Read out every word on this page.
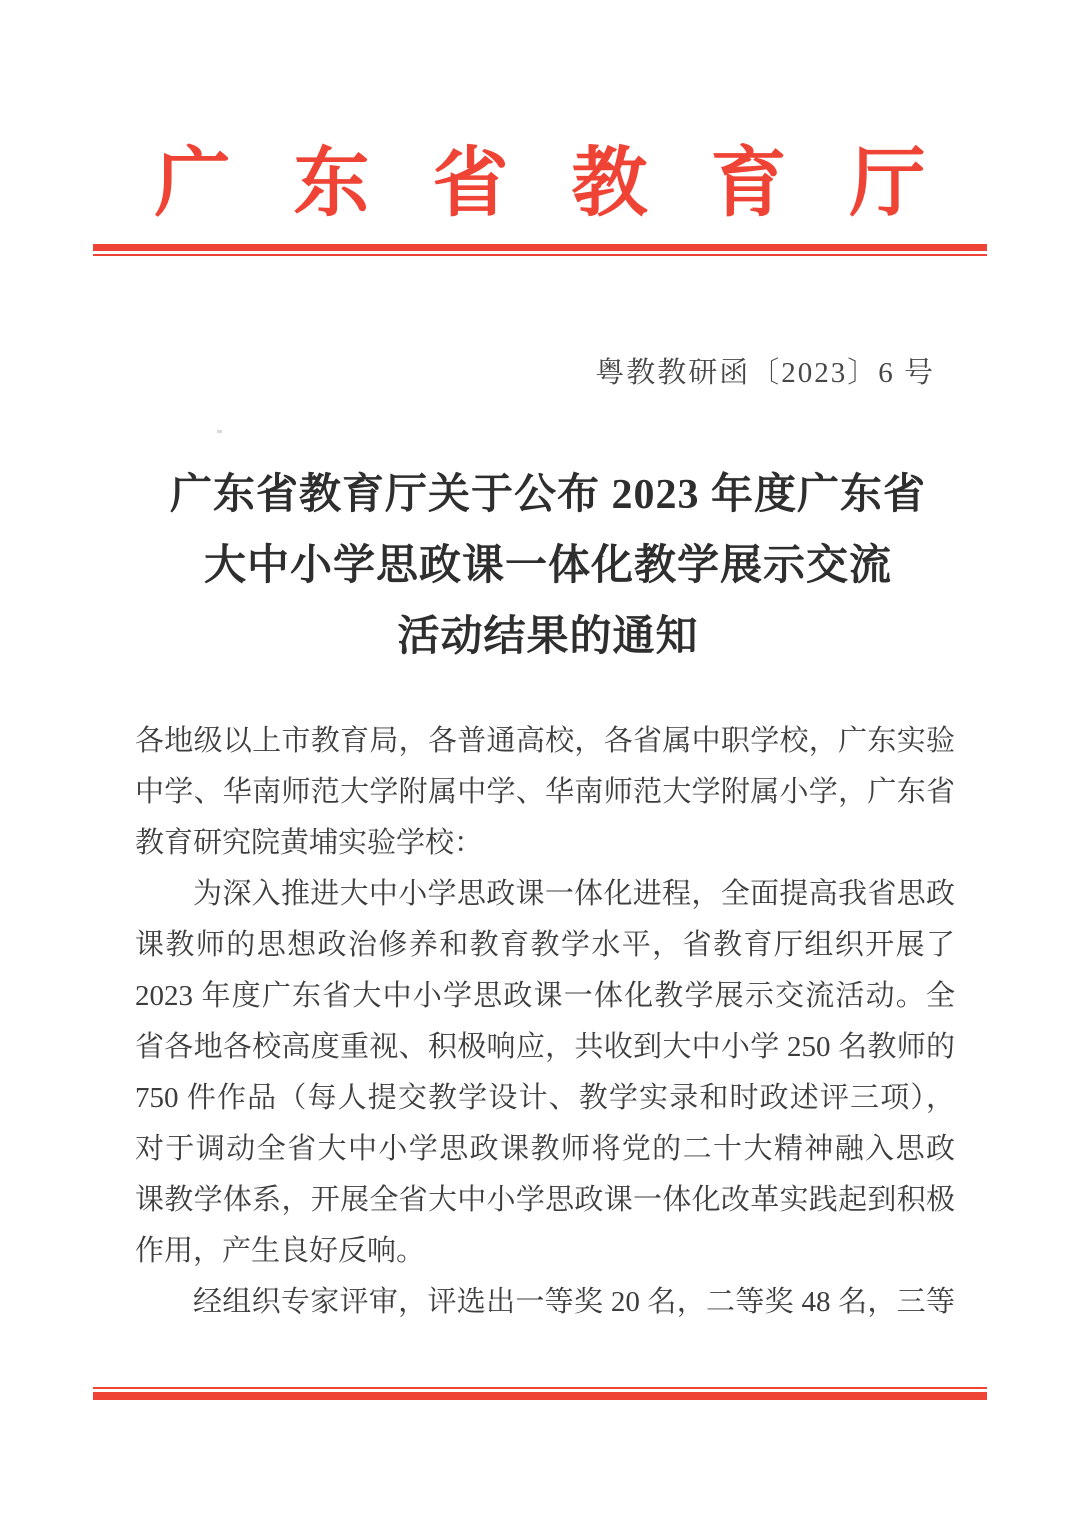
广东省教育厅
粤教教研函〔2023〕6 号
广东省教育厅关于公布 2023 年度广东省
大中小学思政课一体化教学展示交流
活动结果的通知
各地级以上市教育局，各普通高校，各省属中职学校，广东实验
中学、华南师范大学附属中学、华南师范大学附属小学，广东省
教育研究院黄埔实验学校：
为深入推进大中小学思政课一体化进程，全面提高我省思政
课教师的思想政治修养和教育教学水平，省教育厅组织开展了
2023 年度广东省大中小学思政课一体化教学展示交流活动。全
省各地各校高度重视、积极响应，共收到大中小学 250 名教师的
750 件作品（每人提交教学设计、教学实录和时政述评三项），
对于调动全省大中小学思政课教师将党的二十大精神融入思政
课教学体系，开展全省大中小学思政课一体化改革实践起到积极
作用，产生良好反响。
经组织专家评审，评选出一等奖 20 名，二等奖 48 名，三等
